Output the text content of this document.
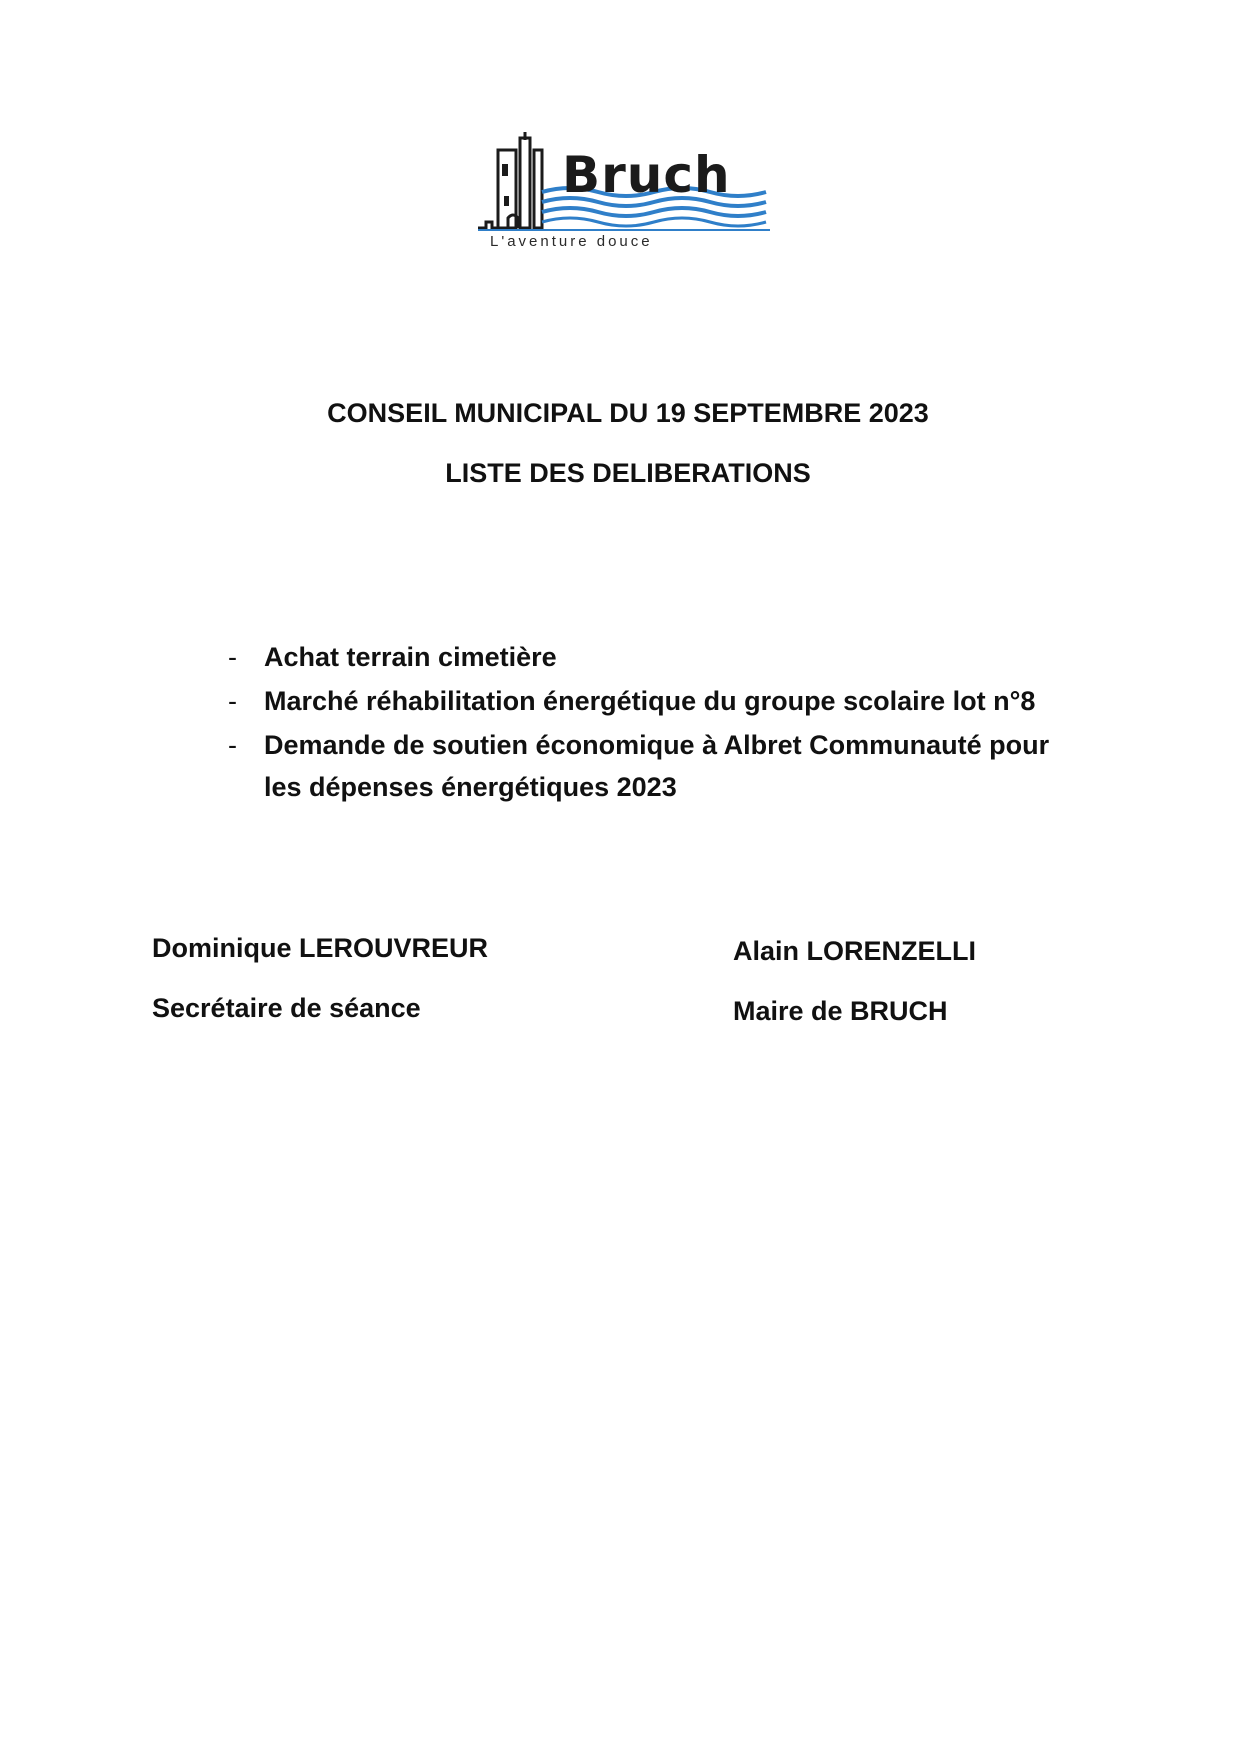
Bruch
L'aventure douce
CONSEIL MUNICIPAL DU 19 SEPTEMBRE 2023
LISTE DES DELIBERATIONS
- Achat terrain cimetière
- Marché réhabilitation énergétique du groupe scolaire lot n°8
- Demande de soutien économique à Albret Communauté pour les dépenses énergétiques 2023
Dominique LEROUVREUR
Secrétaire de séance
Alain LORENZELLI
Maire de BRUCH
